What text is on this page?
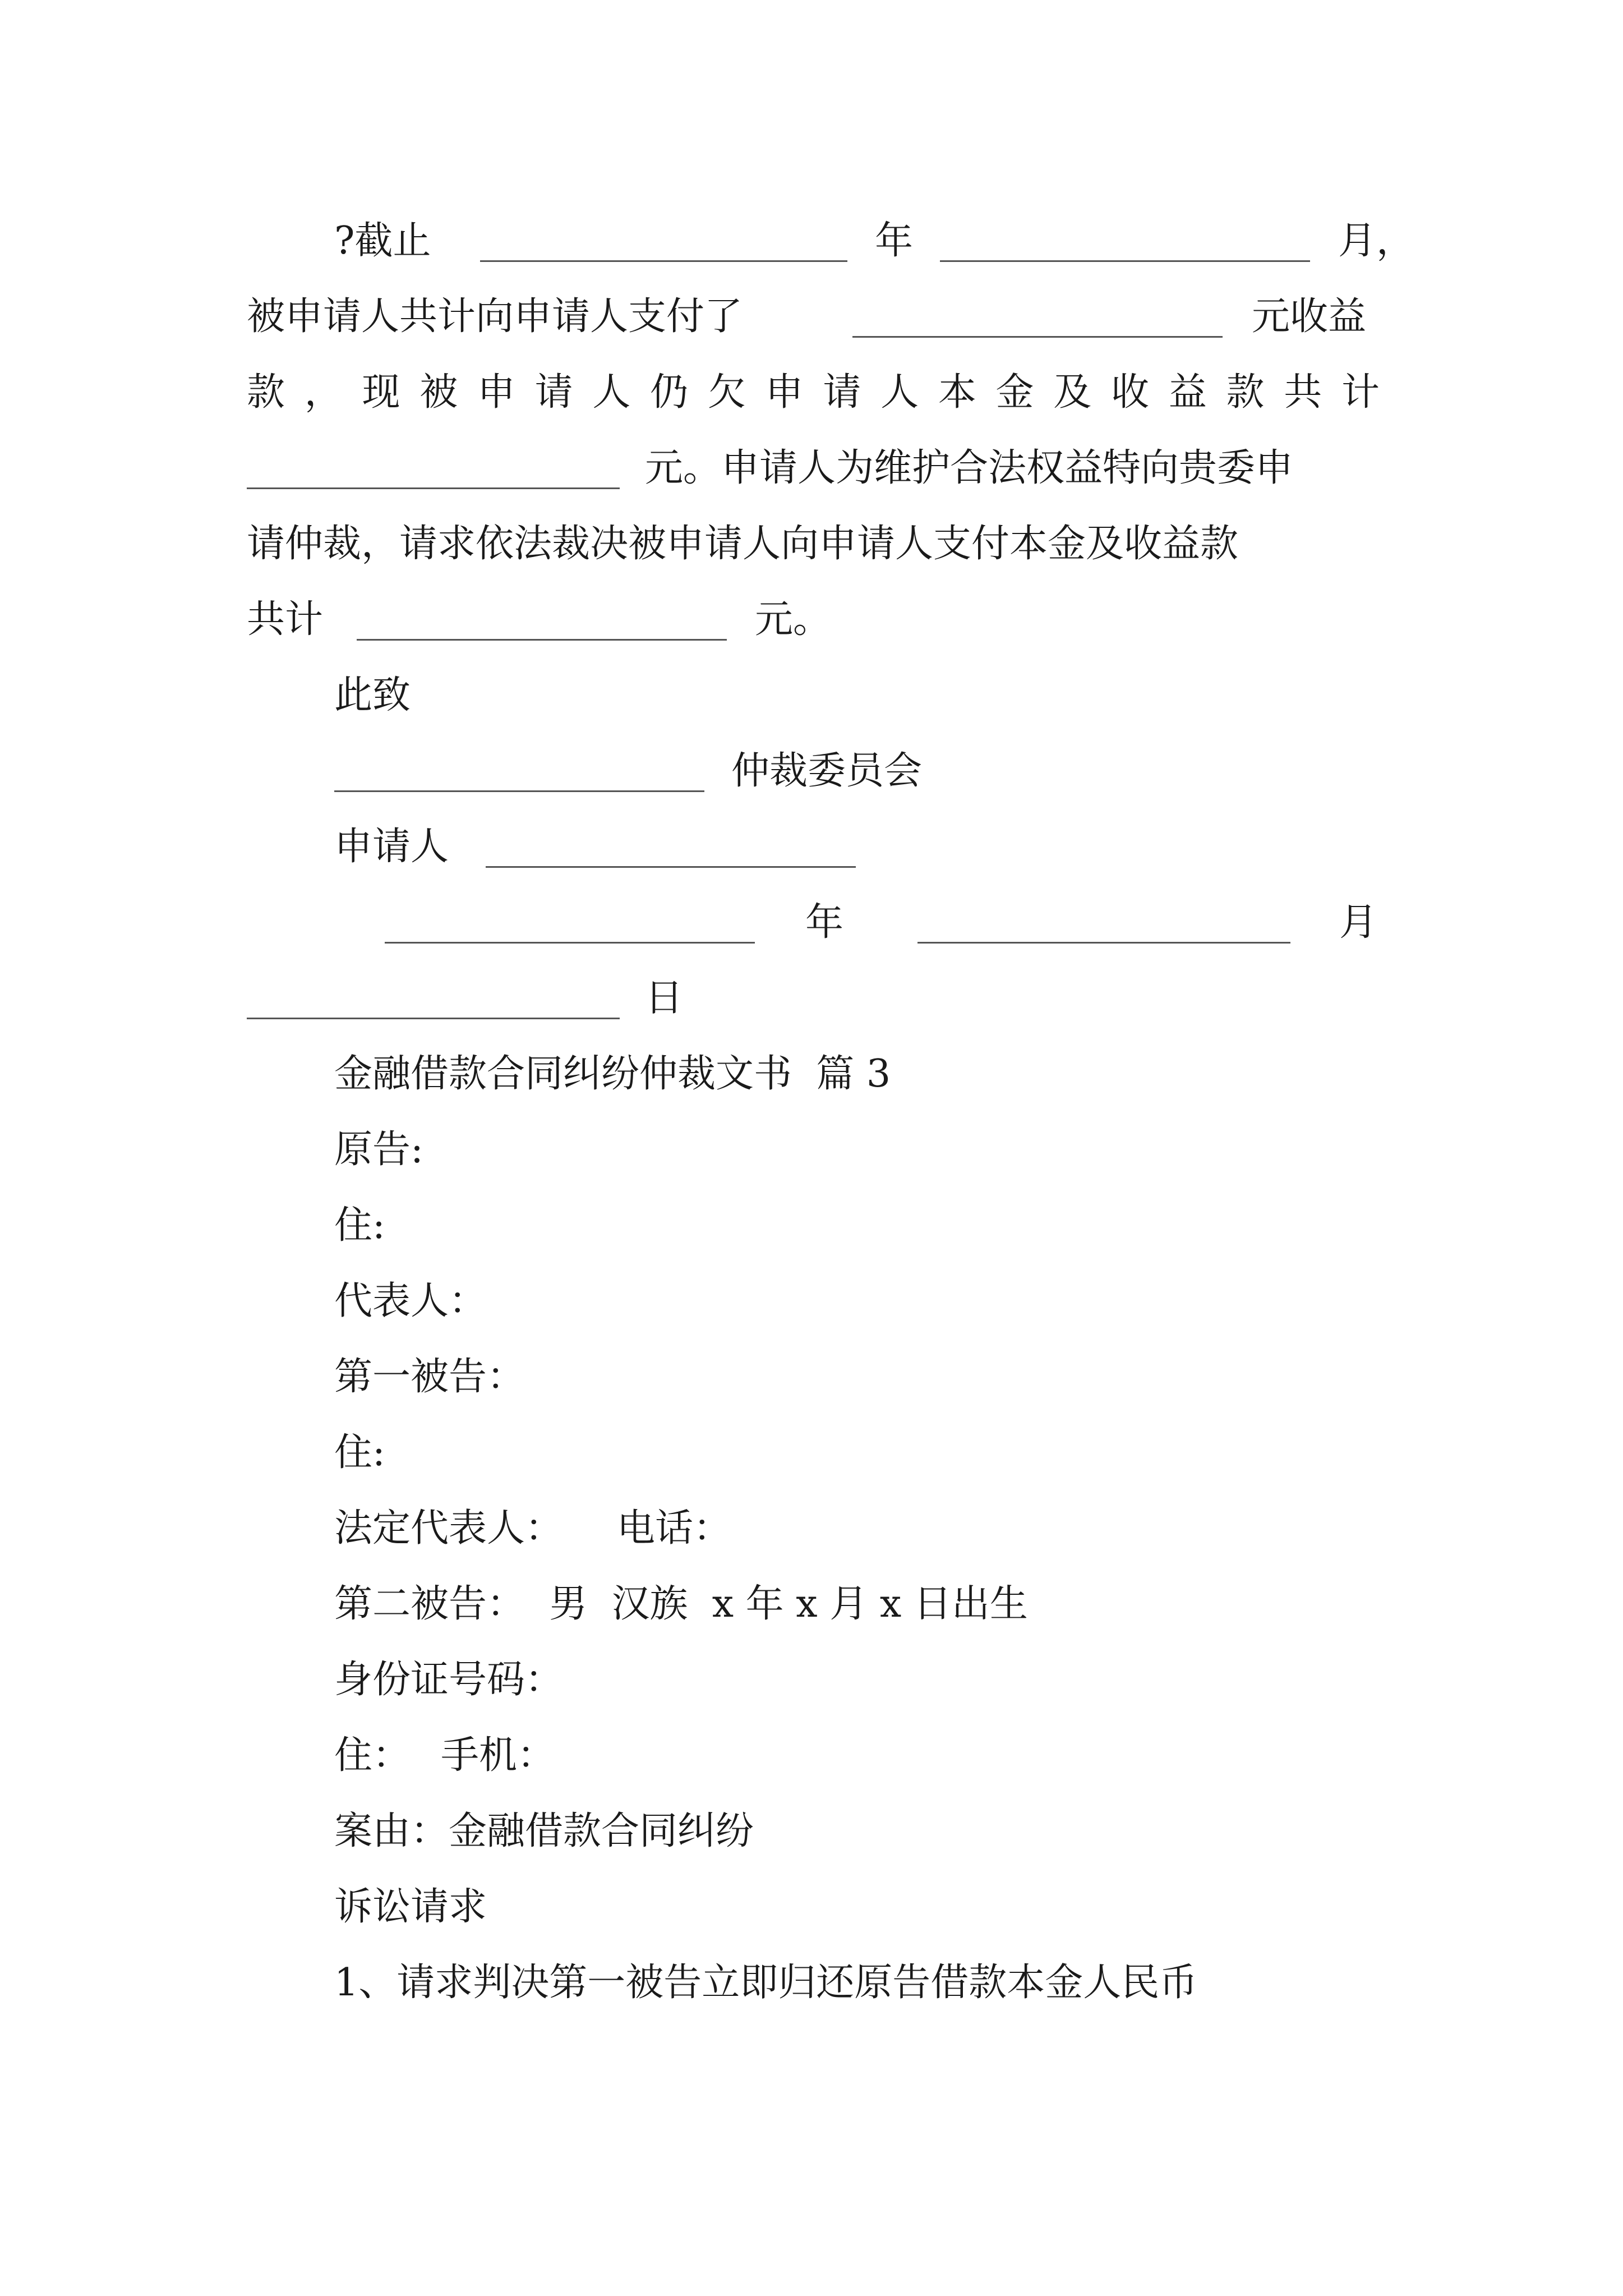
?截止	年	月，
被申请人共计向申请人支付了	元收益
款 ， 现 被 申 请 人 仍 欠 申 请 人 本 金 及 收 益 款 共 计
元。申请人为维护合法权益特向贵委申
请仲裁，请求依法裁决被申请人向申请人支付本金及收益款
共计	元。
此致
仲裁委员会
申请人
年	月
日
金融借款合同纠纷仲裁文书  篇 3
原告:
住:
代表人：
第一被告：
住:
法定代表人： 电话：
第二被告：  男  汉族  x 年 x 月 x 日出生
身份证号码：
住： 手机：
案由：金融借款合同纠纷
诉讼请求
1、请求判决第一被告立即归还原告借款本金人民币
